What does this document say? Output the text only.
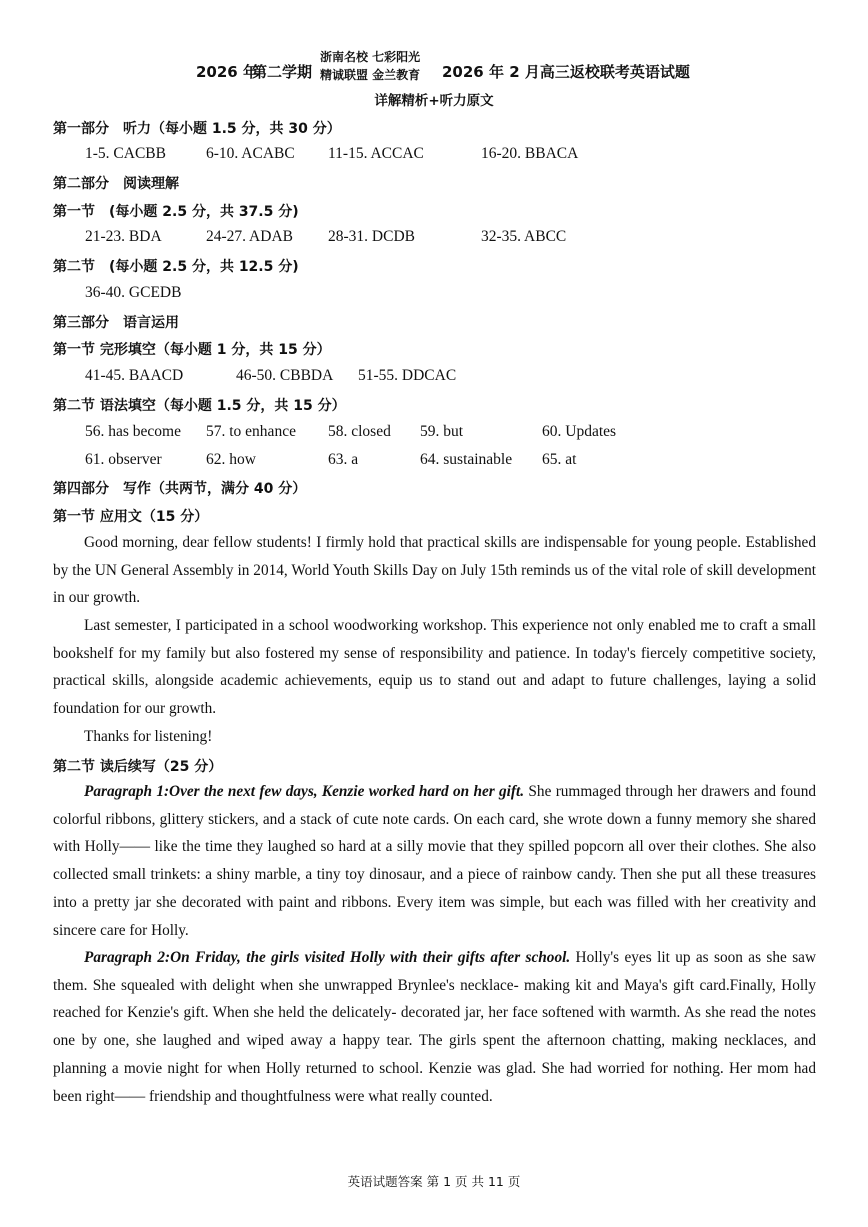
2026 年
第二学期
浙南名校 七彩阳光
精诚联盟 金兰教育	2026 年 2 月高三返校联考英语试题
详解精析+听力原文
第一部分　听力（每小题 1.5 分，共 30 分）
1-5. CACBB	6-10. ACABC 11-15. ACCAC	16-20. BBACA
第二部分　阅读理解
第一节　(每小题 2.5 分，共 37.5 分)
21-23. BDA	24-27. ADAB 28-31. DCDB	32-35. ABCC
第二节　(每小题 2.5 分，共 12.5 分)
36-40. GCEDB
第三部分　语言运用
第一节 完形填空（每小题 1 分，共 15 分）
41-45. BAACD	46-50. CBBDA 51-55. DDCAC
第二节 语法填空（每小题 1.5 分，共 15 分）
56. has become 57. to enhance 58. closed 59. but	60. Updates
61. observer	62. how	63. a	64. sustainable 65. at
第四部分　写作（共两节，满分 40 分）
第一节 应用文（15 分）

Good morning, dear fellow students! I firmly hold that practical skills are indispensable for young people. Established by the UN General Assembly in 2014, World Youth Skills Day on July 15th reminds us of the vital role of skill development in our growth.

Last semester, I participated in a school woodworking workshop. This experience not only enabled me to craft a small bookshelf for my family but also fostered my sense of responsibility and patience. In today's fiercely competitive society, practical skills, alongside academic achievements, equip us to stand out and adapt to future challenges, laying a solid foundation for our growth.

Thanks for listening!

第二节 读后续写（25 分）

Paragraph 1:Over the next few days, Kenzie worked hard on her gift. She rummaged through her drawers and found colorful ribbons, glittery stickers, and a stack of cute note cards. On each card, she wrote down a funny memory she shared with Holly—— like the time they laughed so hard at a silly movie that they spilled popcorn all over their clothes. She also collected small trinkets: a shiny marble, a tiny toy dinosaur, and a piece of rainbow candy. Then she put all these treasures into a pretty jar she decorated with paint and ribbons. Every item was simple, but each was filled with her creativity and sincere care for Holly.

Paragraph 2:On Friday, the girls visited Holly with their gifts after school. Holly's eyes lit up as soon as she saw them. She squealed with delight when she unwrapped Brynlee's necklace- making kit and Maya's gift card.Finally, Holly reached for Kenzie's gift. When she held the delicately- decorated jar, her face softened with warmth. As she read the notes one by one, she laughed and wiped away a happy tear. The girls spent the afternoon chatting, making necklaces, and planning a movie night for when Holly returned to school. Kenzie was glad. She had worried for nothing. Her mom had been right—— friendship and thoughtfulness were what really counted.

英语试题答案 第 1 页 共 11 页
